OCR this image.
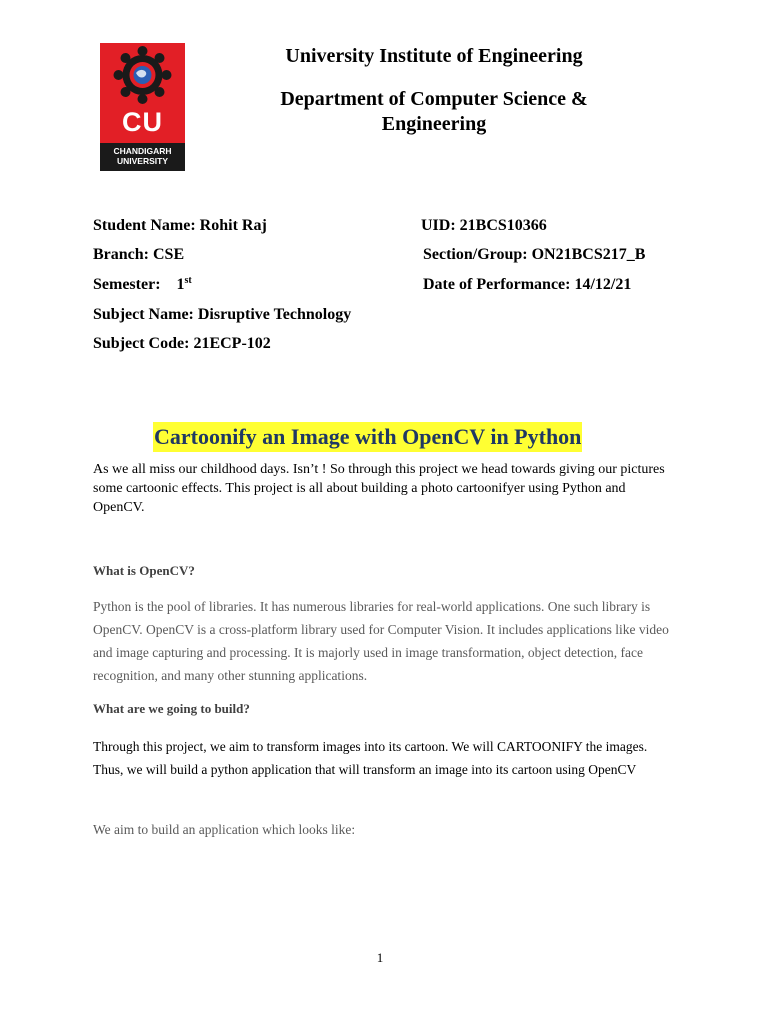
CU
CHANDIGARH
UNIVERSITY
University Institute of Engineering
Department of Computer Science &
Engineering
Student Name: Rohit Raj	UID: 21BCS10366
Branch: CSE	Section/Group: ON21BCS217_B
Semester: 1st	Date of Performance: 14/12/21
Subject Name: Disruptive Technology
Subject Code: 21ECP-102
Cartoonify an Image with OpenCV in Python
As we all miss our childhood days. Isn’t ! So through this project we head towards giving our pictures some cartoonic effects. This project is all about building a photo cartoonifyer using Python and OpenCV.
What is OpenCV?
Python is the pool of libraries. It has numerous libraries for real-world applications. One such library is OpenCV. OpenCV is a cross-platform library used for Computer Vision. It includes applications like video and image capturing and processing. It is majorly used in image transformation, object detection, face recognition, and many other stunning applications.
What are we going to build?
Through this project, we aim to transform images into its cartoon. We will CARTOONIFY the images. Thus, we will build a python application that will transform an image into its cartoon using OpenCV
We aim to build an application which looks like:
1
